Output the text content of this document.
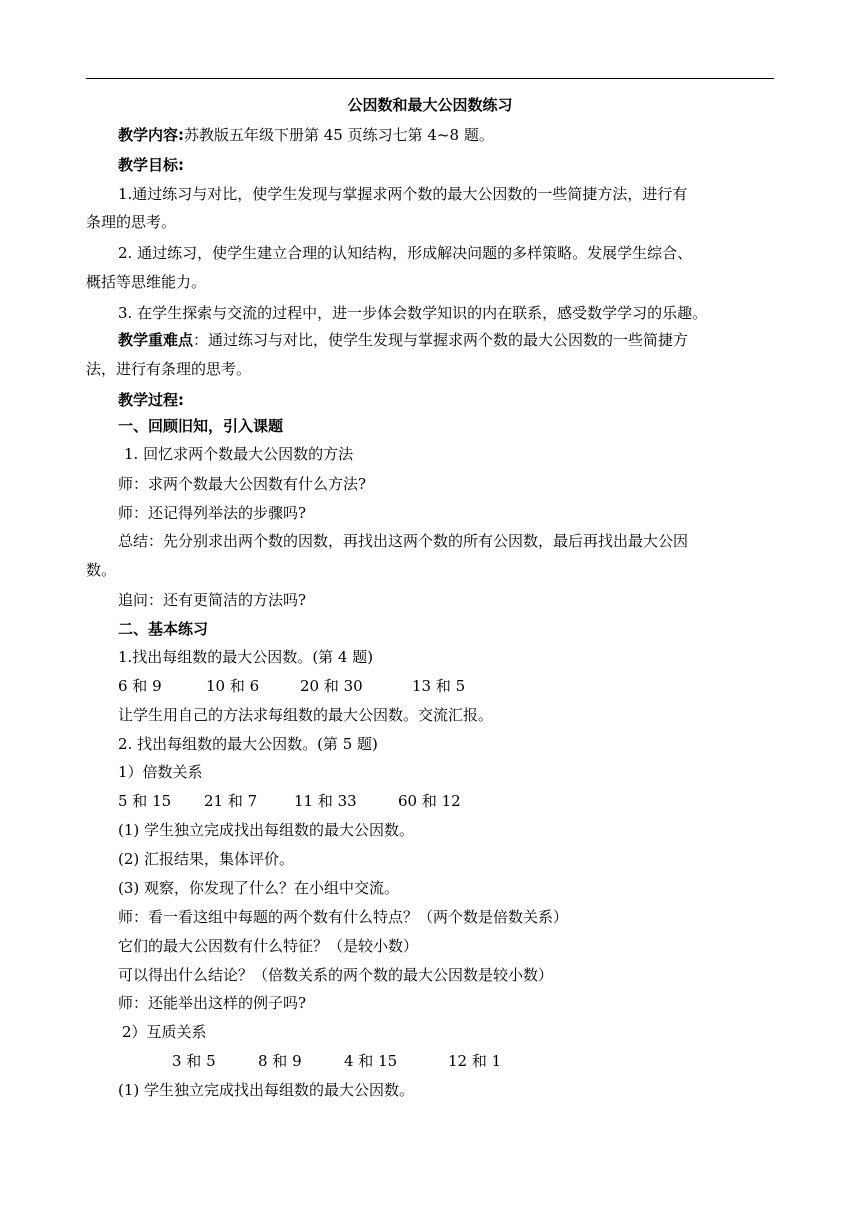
公因数和最大公因数练习
教学内容:苏教版五年级下册第 45 页练习七第 4~8 题。
教学目标:
1.通过练习与对比，使学生发现与掌握求两个数的最大公因数的一些简捷方法，进行有
条理的思考。
2. 通过练习，使学生建立合理的认知结构，形成解决问题的多样策略。发展学生综合、
概括等思维能力。
3. 在学生探索与交流的过程中，进一步体会数学知识的内在联系，感受数学学习的乐趣。
教学重难点：通过练习与对比，使学生发现与掌握求两个数的最大公因数的一些简捷方
法，进行有条理的思考。
教学过程:
一、回顾旧知，引入课题
1. 回忆求两个数最大公因数的方法
师：求两个数最大公因数有什么方法?
师：还记得列举法的步骤吗?
总结：先分别求出两个数的因数，再找出这两个数的所有公因数，最后再找出最大公因
数。
追问：还有更简洁的方法吗?
二、基本练习
1.找出每组数的最大公因数。(第 4 题)
6 和 9	10 和 6	20 和 30	13 和 5
让学生用自己的方法求每组数的最大公因数。交流汇报。
2. 找出每组数的最大公因数。(第 5 题)
1）倍数关系
5 和 15 21 和 7 11 和 33	60 和 12
(1) 学生独立完成找出每组数的最大公因数。
(2) 汇报结果，集体评价。
(3) 观察，你发现了什么？在小组中交流。
师：看一看这组中每题的两个数有什么特点？（两个数是倍数关系）
它们的最大公因数有什么特征？（是较小数）
可以得出什么结论？（倍数关系的两个数的最大公因数是较小数）
师：还能举出这样的例子吗?
2）互质关系
3 和 5	8 和 9	4 和 15	12 和 1
(1) 学生独立完成找出每组数的最大公因数。
